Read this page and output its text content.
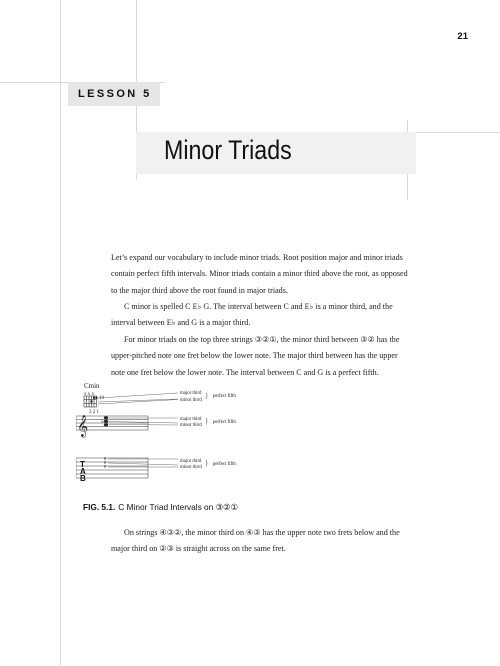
21
LESSON 5
Minor Triads

Let’s expand our vocabulary to include minor triads. Root position major and minor triads contain perfect fifth intervals. Minor triads contain a minor third above the root, as opposed to the major third above the root found in major triads.

C minor is spelled C E♭ G. The interval between C and E♭ is a minor third, and the interval between E♭ and G is a major third.

For minor triads on the top three strings ③②①, the minor third between ③② has the upper-pitched note one fret below the lower note. The major third between has the upper note one fret below the lower note. The interval between C and G is a perfect fifth.

Cmin
x x x
10
3 2 1
major third
minor third
} perfect fifth
𝄞 ♭	major third
minor third
} perfect fifth
T
A
B
8
8
8
major third
minor third
} perfect fifth
FIG. 5.1. C Minor Triad Intervals on ③②①

On strings ④③②, the minor third on ④③ has the upper note two frets below and the major third on ②③ is straight across on the same fret.
